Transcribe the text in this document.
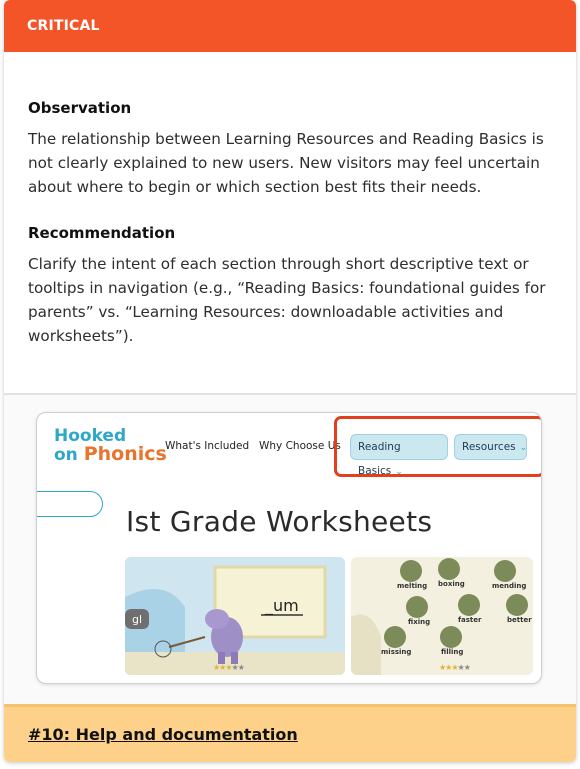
CRITICAL
Observation
The relationship between Learning Resources and Reading Basics is not clearly explained to new users. New visitors may feel uncertain about where to begin or which section best fits their needs.
Recommendation
Clarify the intent of each section through short descriptive text or tooltips in navigation (e.g., “Reading Basics: foundational guides for parents” vs. “Learning Resources: downloadable activities and worksheets”).
Hooked
on Phonics
What's Included Why Choose Us	Reading Basics ⌄
Resources ⌄
Ist Grade Worksheets
gl
_um
★★★★★
melting boxing	mending
fixing	faster	better
missing	filling
★★★★★
#10: Help and documentation
